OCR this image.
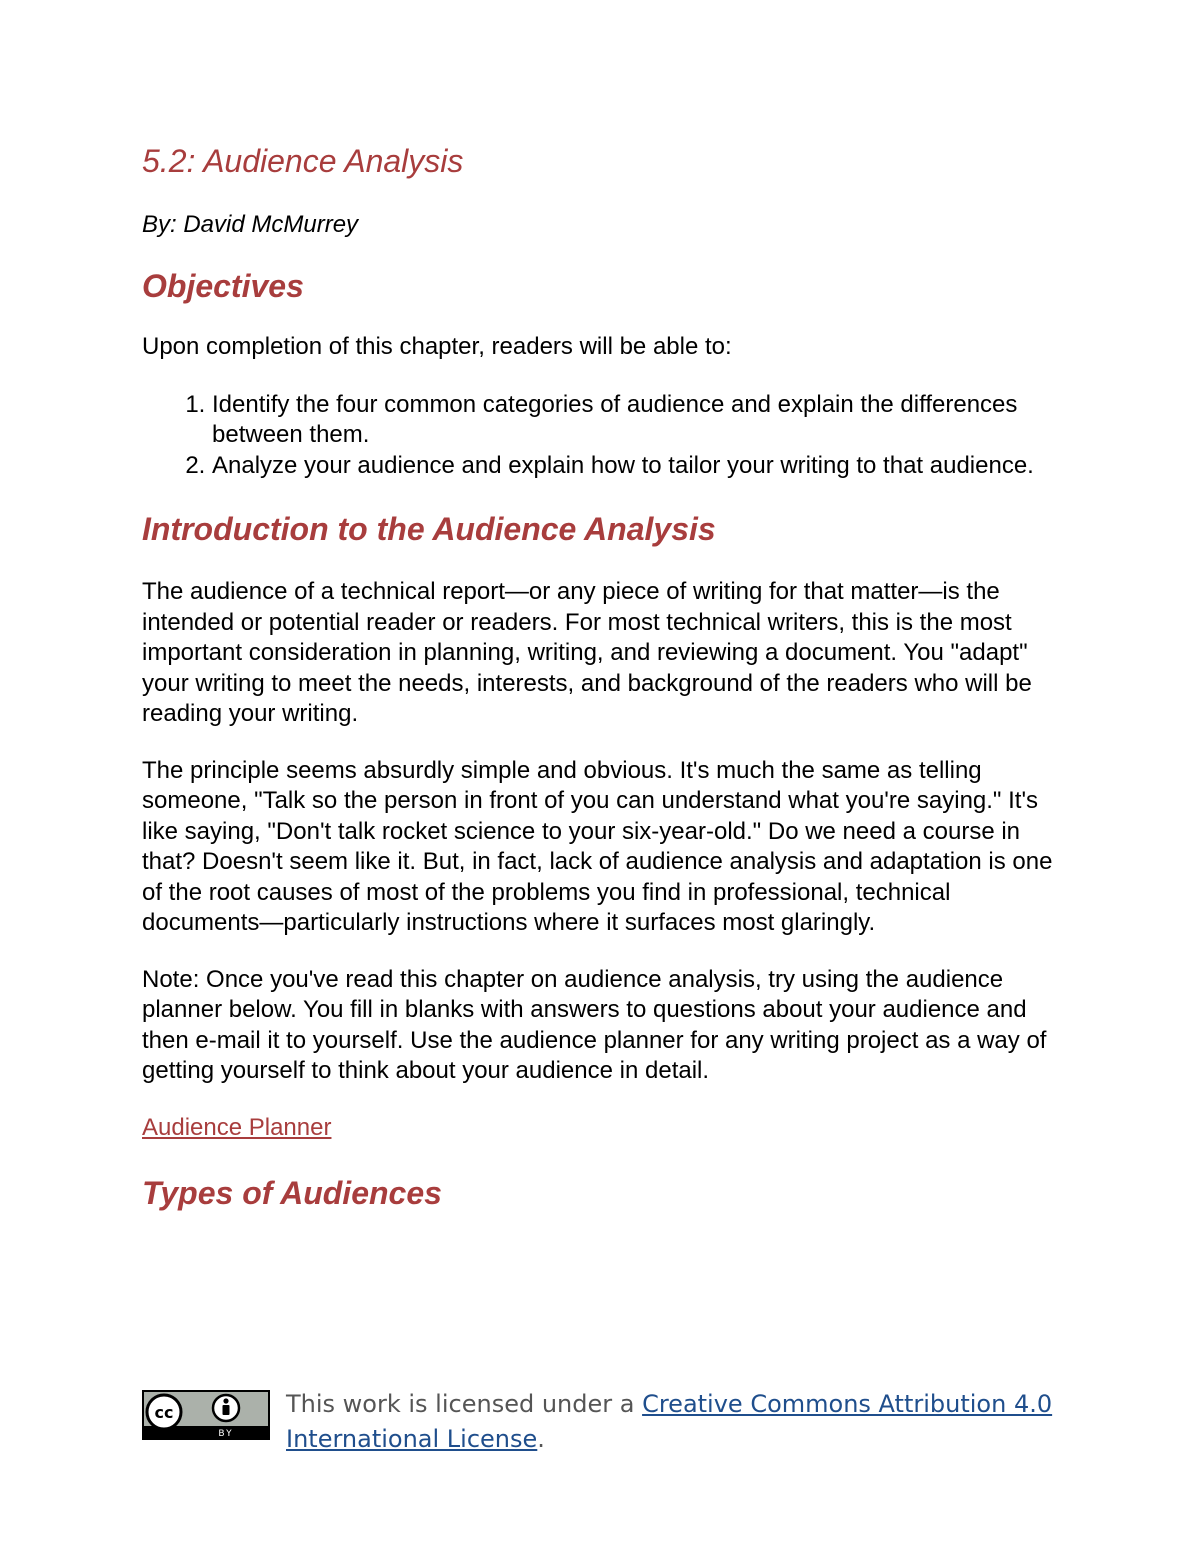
5.2: Audience Analysis

By: David McMurrey

Objectives

Upon completion of this chapter, readers will be able to:

1. Identify the four common categories of audience and explain the differences between them.
2. Analyze your audience and explain how to tailor your writing to that audience.
Introduction to the Audience Analysis

The audience of a technical report—or any piece of writing for that matter—is the intended or potential reader or readers. For most technical writers, this is the most important consideration in planning, writing, and reviewing a document. You "adapt" your writing to meet the needs, interests, and background of the readers who will be reading your writing.

The principle seems absurdly simple and obvious. It's much the same as telling someone, "Talk so the person in front of you can understand what you're saying." It's like saying, "Don't talk rocket science to your six-year-old." Do we need a course in that? Doesn't seem like it. But, in fact, lack of audience analysis and adaptation is one of the root causes of most of the problems you find in professional, technical documents—particularly instructions where it surfaces most glaringly.

Note: Once you've read this chapter on audience analysis, try using the audience planner below. You fill in blanks with answers to questions about your audience and then e-mail it to yourself. Use the audience planner for any writing project as a way of getting yourself to think about your audience in detail.

Audience Planner

Types of Audiences
cc
BY
This work is licensed under a Creative Commons Attribution 4.0 International License.
